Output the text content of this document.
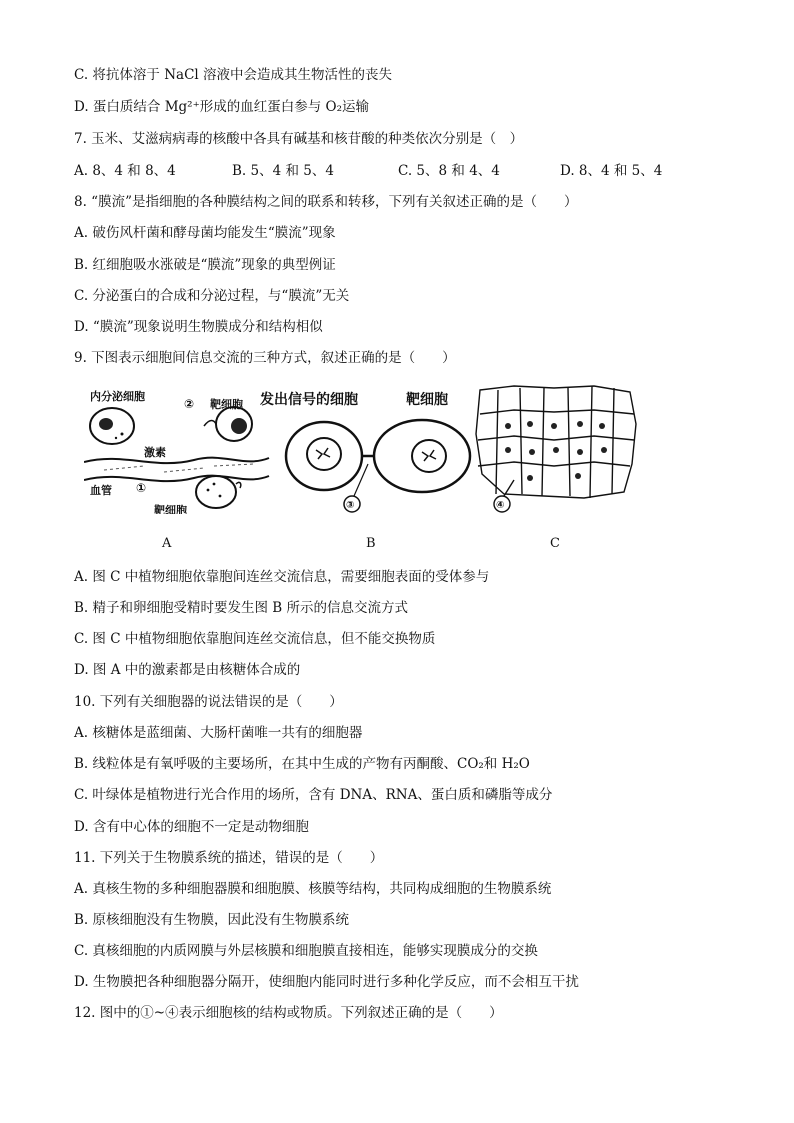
C. 将抗体溶于 NaCl 溶液中会造成其生物活性的丧失
D. 蛋白质结合 Mg²⁺形成的血红蛋白参与 O₂运输
7. 玉米、艾滋病病毒的核酸中各具有碱基和核苷酸的种类依次分别是（　）
A. 8、4 和 8、4	B. 5、4 和 5、4	C. 5、8 和 4、4	D. 8、4 和 5、4
8. “膜流”是指细胞的各种膜结构之间的联系和转移，下列有关叙述正确的是（　　）
A. 破伤风杆菌和酵母菌均能发生“膜流”现象
B. 红细胞吸水涨破是“膜流”现象的典型例证
C. 分泌蛋白的合成和分泌过程，与“膜流”无关
D. “膜流”现象说明生物膜成分和结构相似
9. 下图表示细胞间信息交流的三种方式，叙述正确的是（　　）
内分泌细胞
② 靶细胞
激素
血管 ①
靶细胞
发出信号的细胞	靶细胞
③	④
A	B	C
A. 图 C 中植物细胞依靠胞间连丝交流信息，需要细胞表面的受体参与
B. 精子和卵细胞受精时要发生图 B 所示的信息交流方式
C. 图 C 中植物细胞依靠胞间连丝交流信息，但不能交换物质
D. 图 A 中的激素都是由核糖体合成的
10. 下列有关细胞器的说法错误的是（　　）
A. 核糖体是蓝细菌、大肠杆菌唯一共有的细胞器
B. 线粒体是有氧呼吸的主要场所，在其中生成的产物有丙酮酸、CO₂和 H₂O
C. 叶绿体是植物进行光合作用的场所，含有 DNA、RNA、蛋白质和磷脂等成分
D. 含有中心体的细胞不一定是动物细胞
11. 下列关于生物膜系统的描述，错误的是（　　）
A. 真核生物的多种细胞器膜和细胞膜、核膜等结构，共同构成细胞的生物膜系统
B. 原核细胞没有生物膜，因此没有生物膜系统
C. 真核细胞的内质网膜与外层核膜和细胞膜直接相连，能够实现膜成分的交换
D. 生物膜把各种细胞器分隔开，使细胞内能同时进行多种化学反应，而不会相互干扰
12. 图中的①~④表示细胞核的结构或物质。下列叙述正确的是（　　）
